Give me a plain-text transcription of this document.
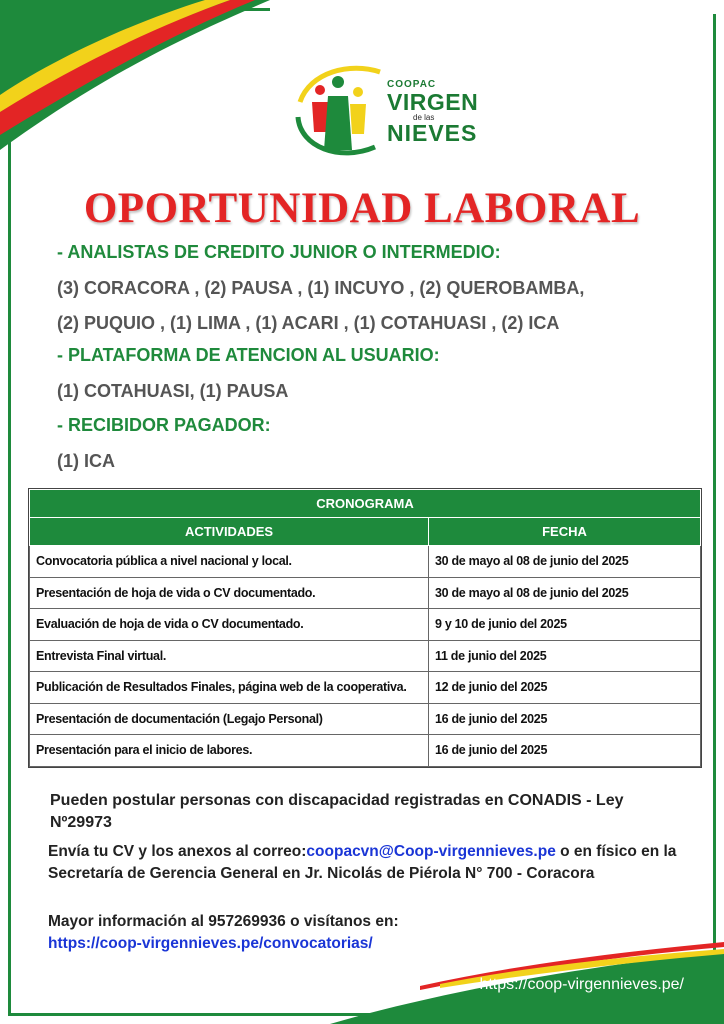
COOPAC
VIRGEN
de las
NIEVES
OPORTUNIDAD LABORAL
- ANALISTAS DE CREDITO JUNIOR O INTERMEDIO:
(3) CORACORA , (2) PAUSA , (1) INCUYO , (2) QUEROBAMBA,
(2) PUQUIO , (1) LIMA , (1) ACARI , (1) COTAHUASI , (2) ICA
- PLATAFORMA DE ATENCION AL USUARIO:
(1) COTAHUASI, (1) PAUSA
- RECIBIDOR PAGADOR:
(1) ICA
CRONOGRAMA	
ACTIVIDADES	FECHA
Convocatoria pública a nivel nacional y local.	30 de mayo al 08 de junio del 2025
Presentación de hoja de vida o CV documentado.	30 de mayo al 08 de junio del 2025
Evaluación de hoja de vida o CV documentado.	9 y 10 de junio del 2025
Entrevista Final virtual.	11 de junio del 2025
Publicación de Resultados Finales, página web de la cooperativa.	12 de junio del 2025
Presentación de documentación (Legajo Personal)	16 de junio del 2025
Presentación para el inicio de labores.	16 de junio del 2025
Pueden postular personas con discapacidad registradas en CONADIS - Ley Nº29973
Envía tu CV y los anexos al correo:coopacvn@Coop-virgennieves.pe o en físico en la Secretaría de Gerencia General en Jr. Nicolás de Piérola N° 700 - Coracora
Mayor información al 957269936 o visítanos en:
https://coop-virgennieves.pe/convocatorias/
https://coop-virgennieves.pe/
